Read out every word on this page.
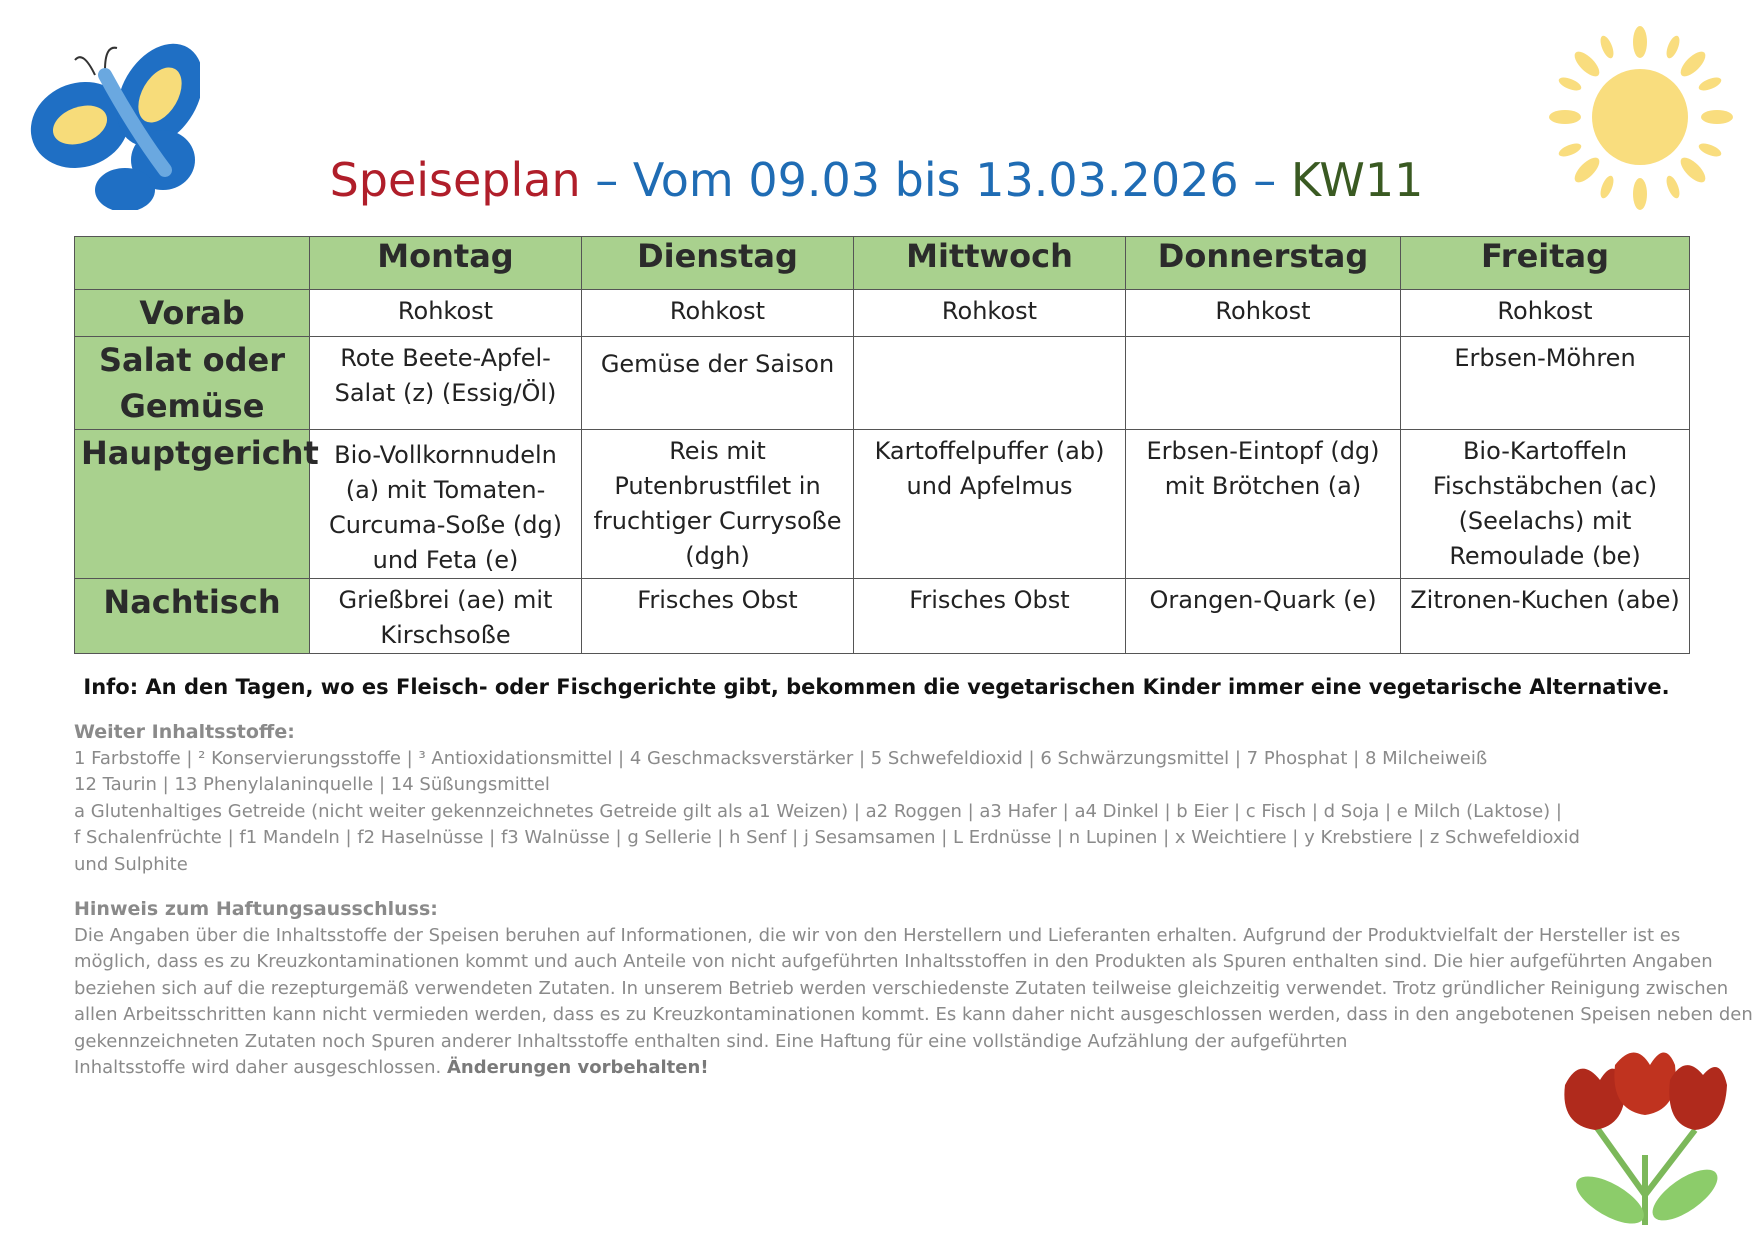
Speiseplan – Vom 09.03 bis 13.03.2026 – KW11
	Montag	Dienstag	Mittwoch	Donnerstag	Freitag
Vorab	Rohkost	Rohkost	Rohkost	Rohkost	Rohkost
Salat oder Gemüse	Rote Beete-Apfel-Salat (z) (Essig/Öl)	Gemüse der Saison			Erbsen-Möhren
Hauptgericht	Bio-Vollkornnudeln (a) mit Tomaten-Curcuma-Soße (dg) und Feta (e)	Reis mit Putenbrustfilet in fruchtiger Currysoße (dgh)	Kartoffelpuffer (ab) und Apfelmus	Erbsen-Eintopf (dg) mit Brötchen (a)	Bio-Kartoffeln Fischstäbchen (ac) (Seelachs) mit Remoulade (be)
Nachtisch	Grießbrei (ae) mit Kirschsoße	Frisches Obst	Frisches Obst	Orangen-Quark (e)	Zitronen-Kuchen (abe)
Info: An den Tagen, wo es Fleisch- oder Fischgerichte gibt, bekommen die vegetarischen Kinder immer eine vegetarische Alternative.

Weiter Inhaltsstoffe:

1 Farbstoffe | ² Konservierungsstoffe | ³ Antioxidationsmittel | 4 Geschmacksverstärker | 5 Schwefeldioxid | 6 Schwärzungsmittel | 7 Phosphat | 8 Milcheiweiß

12 Taurin | 13 Phenylalaninquelle | 14 Süßungsmittel

a Glutenhaltiges Getreide (nicht weiter gekennzeichnetes Getreide gilt als a1 Weizen) | a2 Roggen | a3 Hafer | a4 Dinkel | b Eier | c Fisch | d Soja | e Milch (Laktose) |

f Schalenfrüchte | f1 Mandeln | f2 Haselnüsse | f3 Walnüsse | g Sellerie | h Senf | j Sesamsamen | L Erdnüsse | n Lupinen | x Weichtiere | y Krebstiere | z Schwefeldioxid

und Sulphite

Hinweis zum Haftungsausschluss:

Die Angaben über die Inhaltsstoffe der Speisen beruhen auf Informationen, die wir von den Herstellern und Lieferanten erhalten. Aufgrund der Produktvielfalt der Hersteller ist es

möglich, dass es zu Kreuzkontaminationen kommt und auch Anteile von nicht aufgeführten Inhaltsstoffen in den Produkten als Spuren enthalten sind. Die hier aufgeführten Angaben

beziehen sich auf die rezepturgemäß verwendeten Zutaten. In unserem Betrieb werden verschiedenste Zutaten teilweise gleichzeitig verwendet. Trotz gründlicher Reinigung zwischen

allen Arbeitsschritten kann nicht vermieden werden, dass es zu Kreuzkontaminationen kommt. Es kann daher nicht ausgeschlossen werden, dass in den angebotenen Speisen neben den

gekennzeichneten Zutaten noch Spuren anderer Inhaltsstoffe enthalten sind. Eine Haftung für eine vollständige Aufzählung der aufgeführten

Inhaltsstoffe wird daher ausgeschlossen. Änderungen vorbehalten!
